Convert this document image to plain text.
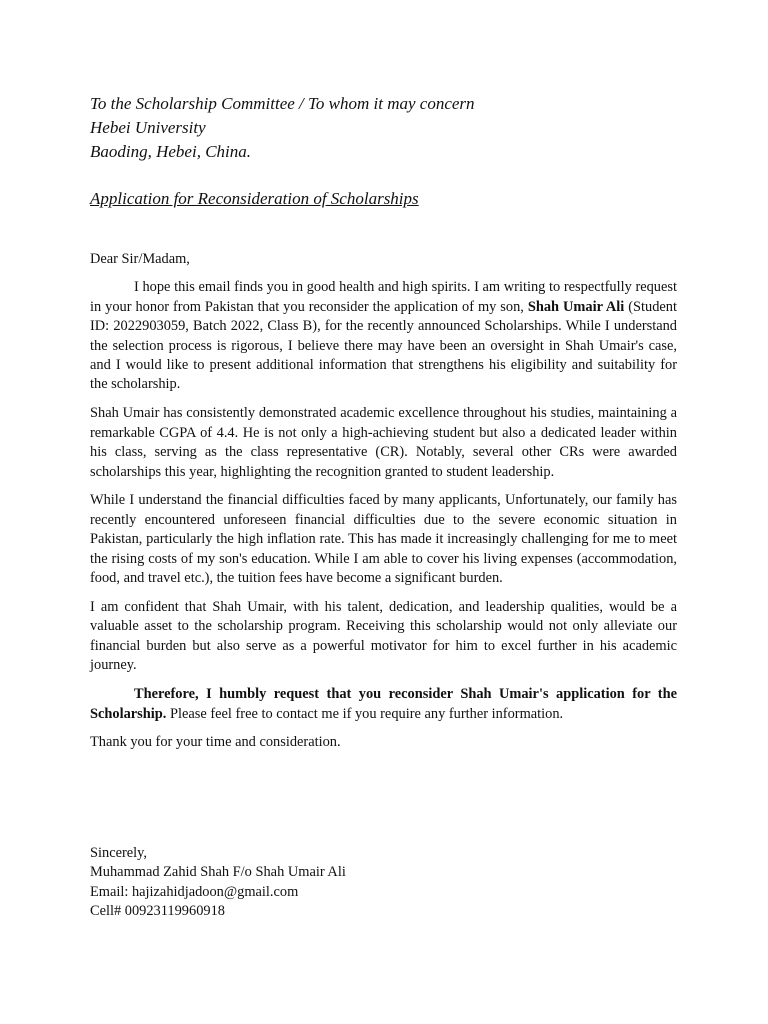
To the Scholarship Committee / To whom it may concern
Hebei University
Baoding, Hebei, China.
Application for Reconsideration of Scholarships

Dear Sir/Madam,

I hope this email finds you in good health and high spirits. I am writing to respectfully request in your honor from Pakistan that you reconsider the application of my son, Shah Umair Ali (Student ID: 2022903059, Batch 2022, Class B), for the recently announced Scholarships. While I understand the selection process is rigorous, I believe there may have been an oversight in Shah Umair's case, and I would like to present additional information that strengthens his eligibility and suitability for the scholarship.

Shah Umair has consistently demonstrated academic excellence throughout his studies, maintaining a remarkable CGPA of 4.4. He is not only a high-achieving student but also a dedicated leader within his class, serving as the class representative (CR). Notably, several other CRs were awarded scholarships this year, highlighting the recognition granted to student leadership.

While I understand the financial difficulties faced by many applicants, Unfortunately, our family has recently encountered unforeseen financial difficulties due to the severe economic situation in Pakistan, particularly the high inflation rate. This has made it increasingly challenging for me to meet the rising costs of my son's education. While I am able to cover his living expenses (accommodation, food, and travel etc.), the tuition fees have become a significant burden.

I am confident that Shah Umair, with his talent, dedication, and leadership qualities, would be a valuable asset to the scholarship program. Receiving this scholarship would not only alleviate our financial burden but also serve as a powerful motivator for him to excel further in his academic journey.

Therefore, I humbly request that you reconsider Shah Umair's application for the Scholarship. Please feel free to contact me if you require any further information.

Thank you for your time and consideration.

Sincerely,
Muhammad Zahid Shah F/o Shah Umair Ali
Email: hajizahidjadoon@gmail.com
Cell# 00923119960918
